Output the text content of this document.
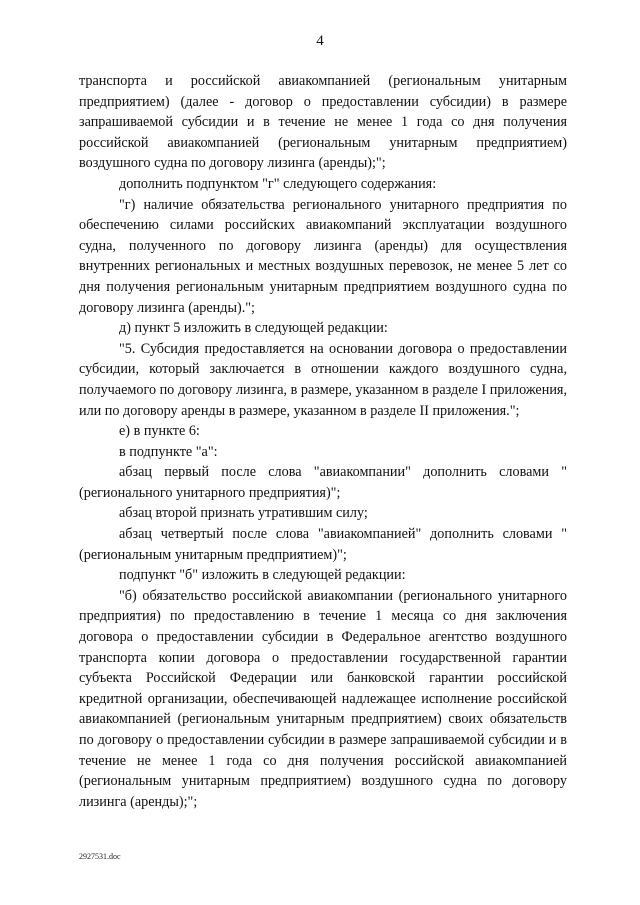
4

транспорта и российской авиакомпанией (региональным унитарным предприятием) (далее - договор о предоставлении субсидии) в размере запрашиваемой субсидии и в течение не менее 1 года со дня получения российской авиакомпанией (региональным унитарным предприятием) воздушного судна по договору лизинга (аренды);";

дополнить подпунктом "г" следующего содержания:

"г) наличие обязательства регионального унитарного предприятия по обеспечению силами российских авиакомпаний эксплуатации воздушного судна, полученного по договору лизинга (аренды) для осуществления внутренних региональных и местных воздушных перевозок, не менее 5 лет со дня получения региональным унитарным предприятием воздушного судна по договору лизинга (аренды).";

д) пункт 5 изложить в следующей редакции:

"5. Субсидия предоставляется на основании договора о предоставлении субсидии, который заключается в отношении каждого воздушного судна, получаемого по договору лизинга, в размере, указанном в разделе I приложения, или по договору аренды в размере, указанном в разделе II приложения.";

е) в пункте 6:

в подпункте "а":

абзац первый после слова "авиакомпании" дополнить словами "(регионального унитарного предприятия)";

абзац второй признать утратившим силу;

абзац четвертый после слова "авиакомпанией" дополнить словами "(региональным унитарным предприятием)";

подпункт "б" изложить в следующей редакции:

"б) обязательство российской авиакомпании (регионального унитарного предприятия) по предоставлению в течение 1 месяца со дня заключения договора о предоставлении субсидии в Федеральное агентство воздушного транспорта копии договора о предоставлении государственной гарантии субъекта Российской Федерации или банковской гарантии российской кредитной организации, обеспечивающей надлежащее исполнение российской авиакомпанией (региональным унитарным предприятием) своих обязательств по договору о предоставлении субсидии в размере запрашиваемой субсидии и в течение не менее 1 года со дня получения российской авиакомпанией (региональным унитарным предприятием) воздушного судна по договору лизинга (аренды);";

2927531.doc
